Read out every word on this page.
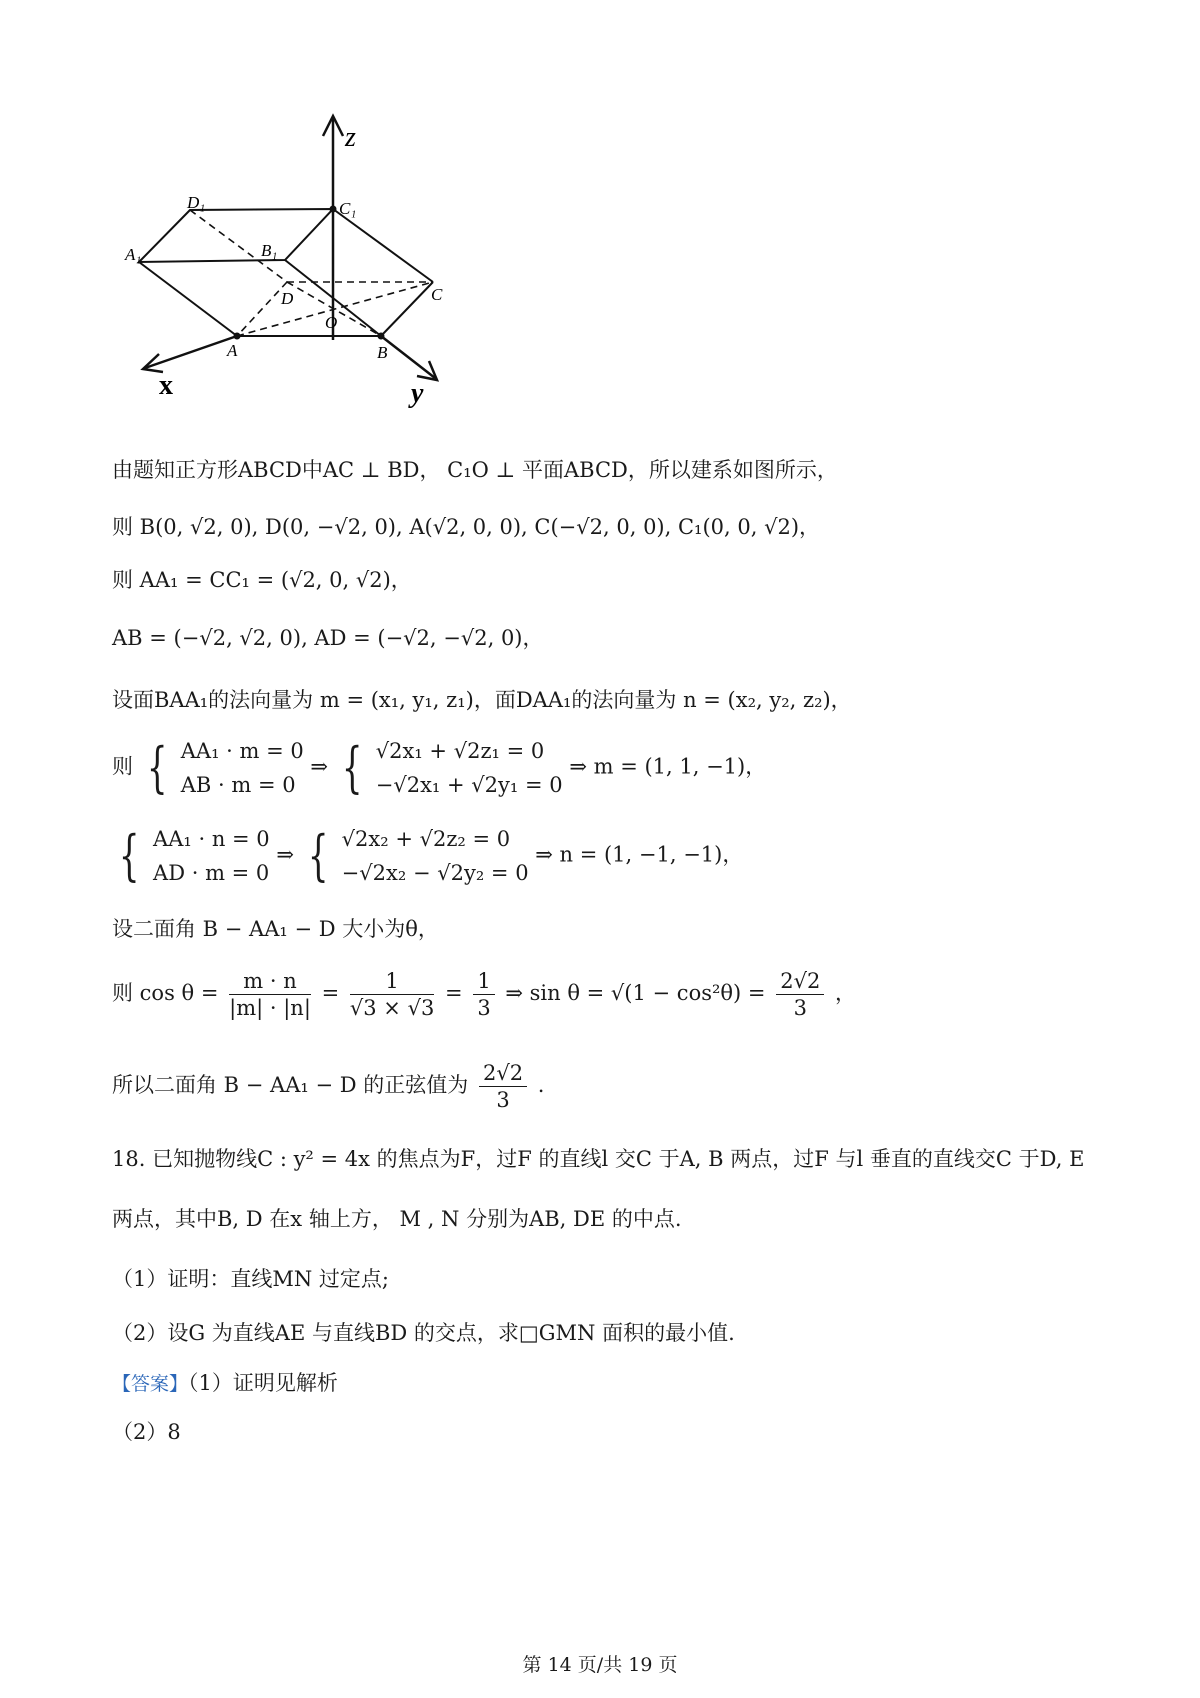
z
x	y
D₁	C₁
A₁	B₁
D	C
O
A	B
由题知正方形ABCD中AC ⊥ BD， C₁O ⊥ 平面ABCD，所以建系如图所示，
则 B(0, √2, 0), D(0, −√2, 0), A(√2, 0, 0), C(−√2, 0, 0), C₁(0, 0, √2)，
则 AA₁ = CC₁ = (√2, 0, √2)，
AB = (−√2, √2, 0), AD = (−√2, −√2, 0)，
设面BAA₁的法向量为 m = (x₁, y₁, z₁)，面DAA₁的法向量为 n = (x₂, y₂, z₂)，
则 { AA₁ · m = 0
AB · m = 0
⇒ { √2x₁ + √2z₁ = 0
−√2x₁ + √2y₁ = 0
⇒ m = (1, 1, −1)，
{ AA₁ · n = 0
AD · m = 0
⇒ { √2x₂ + √2z₂ = 0
−√2x₂ − √2y₂ = 0
⇒ n = (1, −1, −1)，
设二面角 B − AA₁ − D 大小为θ，
则 $\cos \theta = \frac{m \cdot n}{|m| \cdot |n|} = \frac{1}{√3 \times √3} = \frac{1}{3}$ ⇒ $\sin \theta = √(1 - \cos^2\theta) = \frac{2√2}{3}$ ，
所以二面角 B − AA₁ − D 的正弦值为 $\frac{2√2}{3}$ .
18. 已知抛物线C : y² = 4x 的焦点为F，过F 的直线l 交C 于A, B 两点，过F 与l 垂直的直线交C 于D, E
两点，其中B, D 在x 轴上方， M , N 分别为AB, DE 的中点.
（1）证明：直线MN 过定点;
（2）设G 为直线AE 与直线BD 的交点，求□GMN 面积的最小值.
【答案】（1）证明见解析
（2）8
第 14 页/共 19 页
